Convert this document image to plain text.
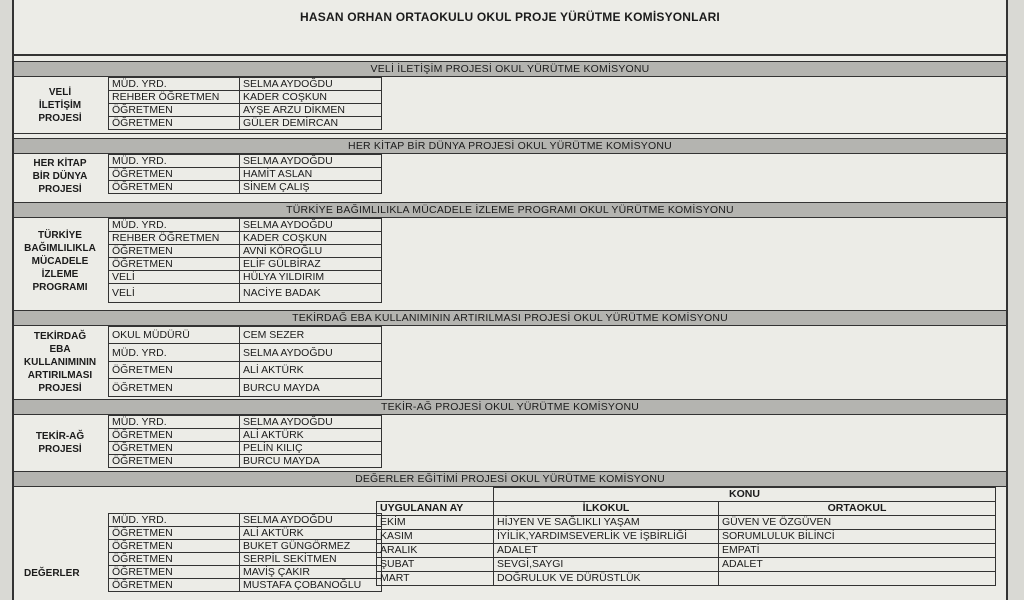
HASAN ORHAN ORTAOKULU OKUL PROJE YÜRÜTME KOMİSYONLARI
VELİ İLETİŞİM PROJESİ OKUL YÜRÜTME KOMİSYONU
VELİ
İLETİŞİM
PROJESİ
MÜD. YRD.	SELMA AYDOĞDU
REHBER ÖĞRETMEN	KADER COŞKUN
ÖĞRETMEN	AYŞE ARZU DİKMEN
ÖĞRETMEN	GÜLER DEMİRCAN
HER KİTAP BİR DÜNYA PROJESİ OKUL YÜRÜTME KOMİSYONU
HER KİTAP
BİR DÜNYA
PROJESİ
MÜD. YRD.	SELMA AYDOĞDU
ÖĞRETMEN	HAMİT ASLAN
ÖĞRETMEN	SİNEM ÇALIŞ
TÜRKİYE BAĞIMLILIKLA MÜCADELE İZLEME PROGRAMI OKUL YÜRÜTME KOMİSYONU
TÜRKİYE
BAĞIMLILIKLA
MÜCADELE
İZLEME
PROGRAMI
MÜD. YRD.	SELMA AYDOĞDU
REHBER ÖĞRETMEN	KADER COŞKUN
ÖĞRETMEN	AVNİ KÖROĞLU
ÖĞRETMEN	ELİF GÜLBİRAZ
VELİ	HÜLYA YILDIRIM
VELİ	NACİYE BADAK
TEKİRDAĞ EBA KULLANIMININ ARTIRILMASI PROJESİ OKUL YÜRÜTME KOMİSYONU
TEKİRDAĞ
EBA
KULLANIMININ
ARTIRILMASI
PROJESİ
OKUL MÜDÜRÜ	CEM SEZER
MÜD. YRD.	SELMA AYDOĞDU
ÖĞRETMEN	ALİ AKTÜRK
ÖĞRETMEN	BURCU MAYDA
TEKİR-AĞ PROJESİ OKUL YÜRÜTME KOMİSYONU
TEKİR-AĞ
PROJESİ
MÜD. YRD.	SELMA AYDOĞDU
ÖĞRETMEN	ALİ AKTÜRK
ÖĞRETMEN	PELİN KILIÇ
ÖĞRETMEN	BURCU MAYDA
DEĞERLER EĞİTİMİ PROJESİ OKUL YÜRÜTME KOMİSYONU
DEĞERLER
MÜD. YRD.	SELMA AYDOĞDU
ÖĞRETMEN	ALİ AKTÜRK
ÖĞRETMEN	BUKET GÜNGÖRMEZ
ÖĞRETMEN	SERPİL SEKİTMEN
ÖĞRETMEN	MAVİŞ ÇAKIR
ÖĞRETMEN	MUSTAFA ÇOBANOĞLU
	KONU	
UYGULANAN AY	İLKOKUL	ORTAOKUL
EKİM	HİJYEN VE SAĞLIKLI YAŞAM	GÜVEN VE ÖZGÜVEN
KASIM	İYİLİK,YARDIMSEVERLİK VE İŞBİRLİĞİ	SORUMLULUK BİLİNCİ
ARALIK	ADALET	EMPATİ
ŞUBAT	SEVGİ,SAYGI	ADALET
MART	DOĞRULUK VE DÜRÜSTLÜK	
